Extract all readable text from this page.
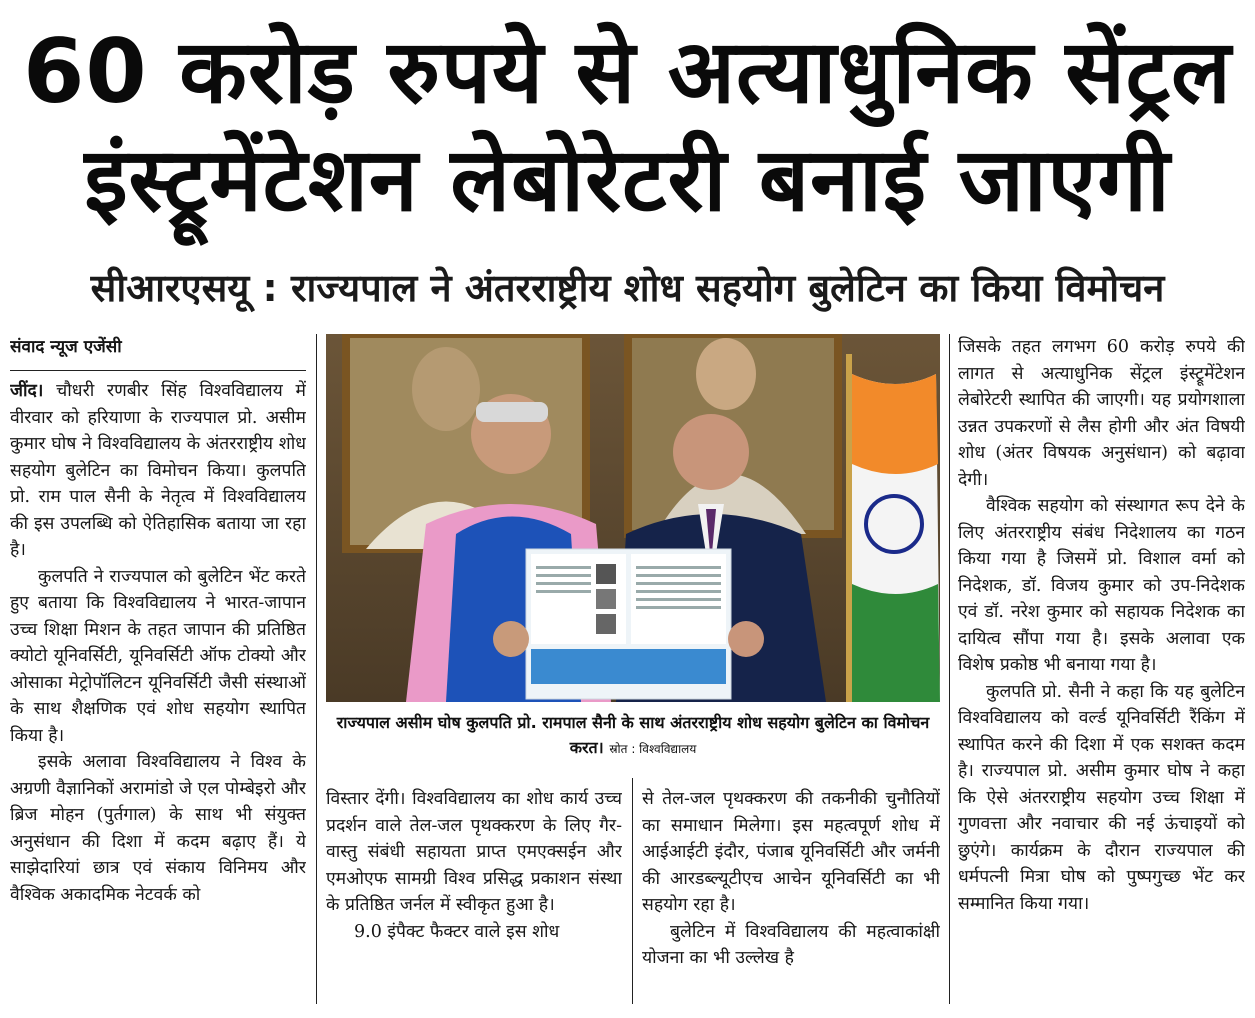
60 करोड़ रुपये से अत्याधुनिक सेंट्रल
इंस्ट्रूमेंटेशन लेबोरेटरी बनाई जाएगी
सीआरएसयू : राज्यपाल ने अंतरराष्ट्रीय शोध सहयोग बुलेटिन का किया विमोचन
संवाद न्यूज एजेंसी

जींद। चौधरी रणबीर सिंह विश्वविद्यालय में वीरवार को हरियाणा के राज्यपाल प्रो. असीम कुमार घोष ने विश्वविद्यालय के अंतरराष्ट्रीय शोध सहयोग बुलेटिन का विमोचन किया। कुलपति प्रो. राम पाल सैनी के नेतृत्व में विश्वविद्यालय की इस उपलब्धि को ऐतिहासिक बताया जा रहा है।

कुलपति ने राज्यपाल को बुलेटिन भेंट करते हुए बताया कि विश्वविद्यालय ने भारत-जापान उच्च शिक्षा मिशन के तहत जापान की प्रतिष्ठित क्योटो यूनिवर्सिटी, यूनिवर्सिटी ऑफ टोक्यो और ओसाका मेट्रोपॉलिटन यूनिवर्सिटी जैसी संस्थाओं के साथ शैक्षणिक एवं शोध सहयोग स्थापित किया है।

इसके अलावा विश्वविद्यालय ने विश्व के अग्रणी वैज्ञानिकों अरामांडो जे एल पोम्बेइरो और ब्रिज मोहन (पुर्तगाल) के साथ भी संयुक्त अनुसंधान की दिशा में कदम बढ़ाए हैं। ये साझेदारियां छात्र एवं संकाय विनिमय और वैश्विक अकादमिक नेटवर्क को

राज्यपाल असीम घोष कुलपति प्रो. रामपाल सैनी के साथ अंतरराष्ट्रीय शोध सहयोग बुलेटिन का विमोचन करत। स्रोत : विश्वविद्यालय

विस्तार देंगी। विश्वविद्यालय का शोध कार्य उच्च प्रदर्शन वाले तेल-जल पृथक्करण के लिए गैर-वास्तु संबंधी सहायता प्राप्त एमएक्सईन और एमओएफ सामग्री विश्व प्रसिद्ध प्रकाशन संस्था के प्रतिष्ठित जर्नल में स्वीकृत हुआ है।

9.0 इंपैक्ट फैक्टर वाले इस शोध

से तेल-जल पृथक्करण की तकनीकी चुनौतियों का समाधान मिलेगा। इस महत्वपूर्ण शोध में आईआईटी इंदौर, पंजाब यूनिवर्सिटी और जर्मनी की आरडब्ल्यूटीएच आचेन यूनिवर्सिटी का भी सहयोग रहा है।

बुलेटिन में विश्वविद्यालय की महत्वाकांक्षी योजना का भी उल्लेख है

जिसके तहत लगभग 60 करोड़ रुपये की लागत से अत्याधुनिक सेंट्रल इंस्ट्रूमेंटेशन लेबोरेटरी स्थापित की जाएगी। यह प्रयोगशाला उन्नत उपकरणों से लैस होगी और अंत विषयी शोध (अंतर विषयक अनुसंधान) को बढ़ावा देगी।

वैश्विक सहयोग को संस्थागत रूप देने के लिए अंतरराष्ट्रीय संबंध निदेशालय का गठन किया गया है जिसमें प्रो. विशाल वर्मा को निदेशक, डॉ. विजय कुमार को उप-निदेशक एवं डॉ. नरेश कुमार को सहायक निदेशक का दायित्व सौंपा गया है। इसके अलावा एक विशेष प्रकोष्ठ भी बनाया गया है।

कुलपति प्रो. सैनी ने कहा कि यह बुलेटिन विश्वविद्यालय को वर्ल्ड यूनिवर्सिटी रैंकिंग में स्थापित करने की दिशा में एक सशक्त कदम है। राज्यपाल प्रो. असीम कुमार घोष ने कहा कि ऐसे अंतरराष्ट्रीय सहयोग उच्च शिक्षा में गुणवत्ता और नवाचार की नई ऊंचाइयों को छुएंगे। कार्यक्रम के दौरान राज्यपाल की धर्मपत्नी मित्रा घोष को पुष्पगुच्छ भेंट कर सम्मानित किया गया।
